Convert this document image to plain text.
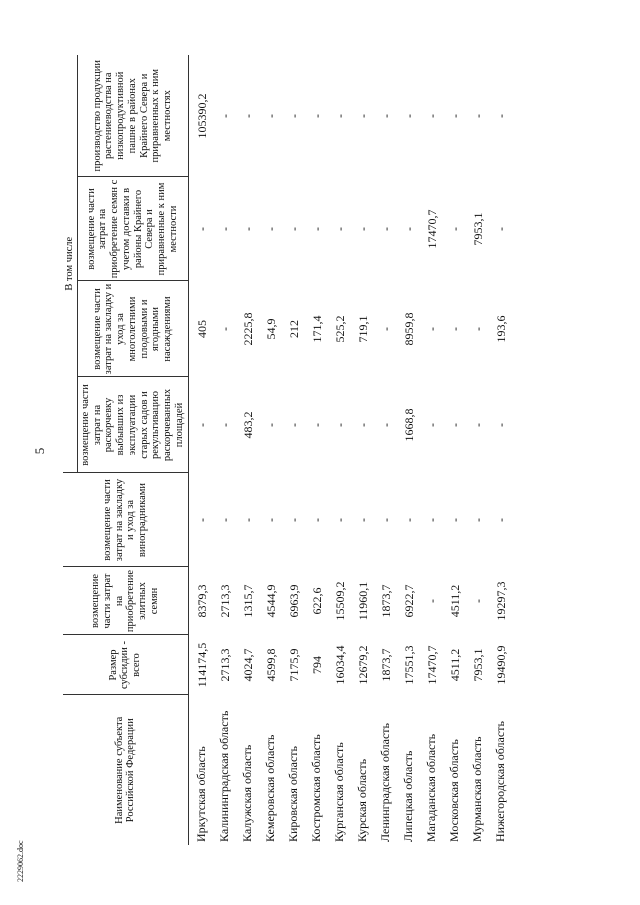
5
Наименование субъекта Российской Федерации	Размер субсидии - всего	возмещение части затрат на приобретение элитных семян	возмещение части затрат на закладку и уход за виноградниками	В том числе			
				возмещение части затрат на раскорчевку выбывших из эксплуатации старых садов и рекультивацию раскорчеванных площадей	возмещение части затрат на закладку и уход за многолетними плодовыми и ягодными насаждениями	возмещение части затрат на приобретение семян с учетом доставки в районы Крайнего Севера и приравненные к ним местности	производство продукции растениеводства на низкопродуктивной пашне в районах Крайнего Севера и приравненных к ним местностях
Иркутская область	114174,5	8379,3	-	-	405	-	105390,2
Калининградская область	2713,3	2713,3	-	-	-	-	-
Калужская область	4024,7	1315,7	-	483,2	2225,8	-	-
Кемеровская область	4599,8	4544,9	-	-	54,9	-	-
Кировская область	7175,9	6963,9	-	-	212	-	-
Костромская область	794	622,6	-	-	171,4	-	-
Курганская область	16034,4	15509,2	-	-	525,2	-	-
Курская область	12679,2	11960,1	-	-	719,1	-	-
Ленинградская область	1873,7	1873,7	-	-	-	-	-
Липецкая область	17551,3	6922,7	-	1668,8	8959,8	-	-
Магаданская область	17470,7	-	-	-	-	17470,7	-
Московская область	4511,2	4511,2	-	-	-	-	-
Мурманская область	7953,1	-	-	-	-	7953,1	-
Нижегородская область	19490,9	19297,3	-	-	193,6	-	-
2229062.doc
